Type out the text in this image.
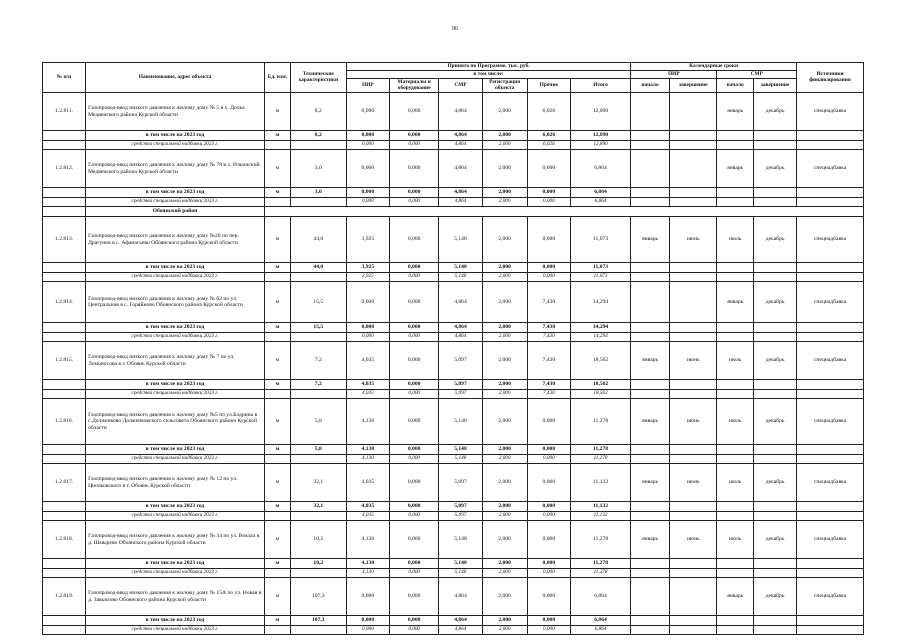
96
№ п/п	Наименование, адрес объекта	Ед. изм.	Технические характеристики	Принято по Программе, тыс. руб.						Календарные сроки				Источники финансирования
				в том числе:						ПИР		СМР		
				ПИР	Материалы и оборудование	СМР	Регистрация объекта	Прочие	Итого	начало	завершение	начало	завершение	
1.2.811.	Газопровод-ввод низкого давления к жилому дому № 5 в х. Дочка Медвенского района Курской области	м	8,2	0,000	0,000	4,864	2,000	6,026	12,890			январь	декабрь	спецнадбавка
	в том числе на 2023 год	м	8,2	0,000	0,000	4,864	2,000	6,026	12,890					
	средства специальной надбавки 2023 г.			0,000	0,000	4,864	2,000	6,026	12,890					
1.2.812.	Газопровод-ввод низкого давления к жилому дому № 78 в х. Ильинский Медвенского района Курской области	м	3,0	0,000	0,000	4,864	2,000	0,000	6,864			январь	декабрь	спецнадбавка
	в том числе на 2023 год	м	3,0	0,000	0,000	4,864	2,000	0,000	6,864					
	средства специальной надбавки 2023 г.			0,000	0,000	4,864	2,000	0,000	6,864					
	Обоянский район													
1.2.813.	Газопровод-ввод низкого давления к жилому дому №20 по пер. Драгунов в с. Афанасьево Обоянского района Курской области	м	44,0	3,925	0,000	5,148	2,000	0,000	11,073	январь	июнь	июль	декабрь	спецнадбавка
	в том числе на 2023 год	м	44,0	3,925	0,000	5,148	2,000	0,000	11,073					
	средства специальной надбавки 2023 г.			3,925	0,000	5,148	2,000	0,000	11,073					
1.2.814.	Газопровод-ввод низкого давления к жилому дому № 62 по ул. Центральная в с. Горяйново Обоянского района Курской области	м	15,5	0,000	0,000	4,864	2,000	7,430	14,294			январь	декабрь	спецнадбавка
	в том числе на 2023 год	м	15,5	0,000	0,000	4,864	2,000	7,430	14,294					
	средства специальной надбавки 2023 г.			0,000	0,000	4,864	2,000	7,430	14,294					
1.2.815.	Газопровод-ввод низкого давления к жилому дому № 7 по ул. Ломоносова в г. Обоянь Курской области	м	7,2	4,035	0,000	5,097	2,000	7,430	18,562	январь	июнь	июль	декабрь	спецнадбавка
	в том числе на 2023 год	м	7,2	4,035	0,000	5,097	2,000	7,430	18,562					
	средства специальной надбавки 2023 г.			4,035	0,000	5,097	2,000	7,430	18,562					
1.2.816.	Газопровод-ввод низкого давления к жилому дому №5 по ул.Бодрина в с.Долженково Долженковского сельсовета Обоянского района Курской области	м	5,8	4,130	0,000	5,148	2,000	0,000	11,278	январь	июнь	июль	декабрь	спецнадбавка
	в том числе на 2023 год	м	5,8	4,130	0,000	5,148	2,000	0,000	11,278					
	средства специальной надбавки 2023 г.			4,130	0,000	5,148	2,000	0,000	11,278					
1.2.817.	Газопровод-ввод низкого давления к жилому дому № 12 по ул. Циолковского в г. Обоянь Курской области	м	32,1	4,035	0,000	5,097	2,000	0,000	11,132	январь	июнь	июль	декабрь	спецнадбавка
	в том числе на 2023 год	м	32,1	4,035	0,000	5,097	2,000	0,000	11,132					
	средства специальной надбавки 2023 г.			4,035	0,000	5,097	2,000	0,000	11,132					
1.2.818.	Газопровод-ввод низкого давления к жилому дому № 34 по ул. Вокзал в д. Шмырево Обоянского района Курской области	м	10,2	4,130	0,000	5,148	2,000	0,000	11,278	январь	июнь	июль	декабрь	спецнадбавка
	в том числе на 2023 год	м	10,2	4,130	0,000	5,148	2,000	0,000	11,278					
	средства специальной надбавки 2023 г.			4,130	0,000	5,148	2,000	0,000	11,278					
1.2.819.	Газопровод-ввод низкого давления к жилому дому № 15А по ул. Новая в д. Завьялово Обоянского района Курской области	м	107,3	0,000	0,000	4,864	2,000	0,000	6,864			январь	декабрь	спецнадбавка
	в том числе на 2023 год	м	107,3	0,000	0,000	4,864	2,000	0,000	6,864					
	средства специальной надбавки 2023 г.			0,000	0,000	4,864	2,000	0,000	6,864					
